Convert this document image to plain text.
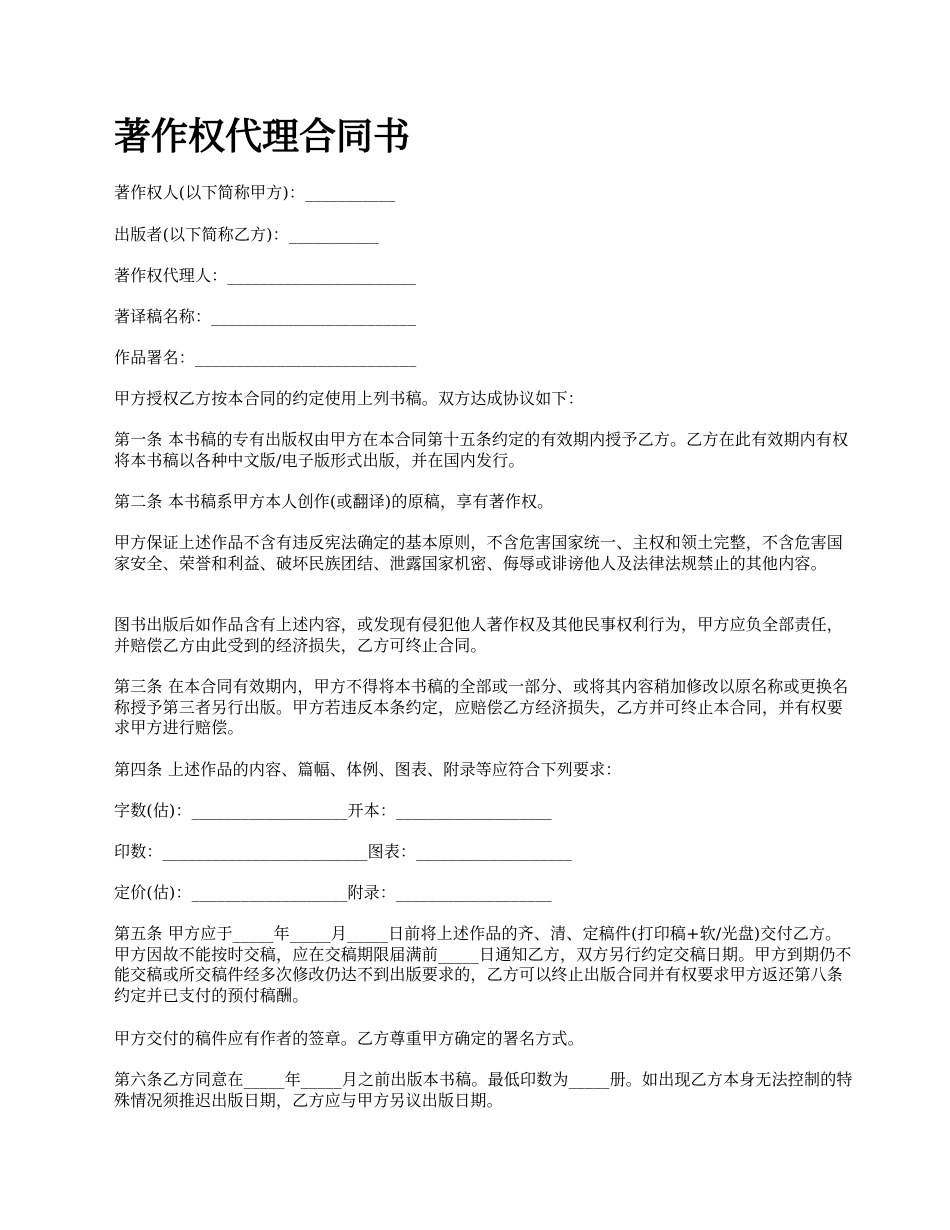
著作权代理合同书

著作权人(以下简称甲方)：___________

出版者(以下简称乙方)：___________

著作权代理人：_______________________

著译稿名称：_________________________

作品署名：___________________________

甲方授权乙方按本合同的约定使用上列书稿。双方达成协议如下：

第一条 本书稿的专有出版权由甲方在本合同第十五条约定的有效期内授予乙方。乙方在此有效期内有权将本书稿以各种中文版/电子版形式出版，并在国内发行。

第二条 本书稿系甲方本人创作(或翻译)的原稿，享有著作权。

甲方保证上述作品不含有违反宪法确定的基本原则，不含危害国家统一、主权和领土完整，不含危害国家安全、荣誉和利益、破坏民族团结、泄露国家机密、侮辱或诽谤他人及法律法规禁止的其他内容。

图书出版后如作品含有上述内容，或发现有侵犯他人著作权及其他民事权利行为，甲方应负全部责任，并赔偿乙方由此受到的经济损失，乙方可终止合同。

第三条 在本合同有效期内，甲方不得将本书稿的全部或一部分、或将其内容稍加修改以原名称或更换名称授予第三者另行出版。甲方若违反本条约定，应赔偿乙方经济损失，乙方并可终止本合同，并有权要求甲方进行赔偿。

第四条 上述作品的内容、篇幅、体例、图表、附录等应符合下列要求：

字数(估)：___________________开本：___________________

印数：_________________________图表：___________________

定价(估)：___________________附录：___________________

第五条 甲方应于_____年_____月_____日前将上述作品的齐、清、定稿件(打印稿+软/光盘)交付乙方。甲方因故不能按时交稿，应在交稿期限届满前_____日通知乙方，双方另行约定交稿日期。甲方到期仍不能交稿或所交稿件经多次修改仍达不到出版要求的，乙方可以终止出版合同并有权要求甲方返还第八条约定并已支付的预付稿酬。

甲方交付的稿件应有作者的签章。乙方尊重甲方确定的署名方式。

第六条乙方同意在_____年_____月之前出版本书稿。最低印数为_____册。如出现乙方本身无法控制的特殊情况须推迟出版日期，乙方应与甲方另议出版日期。
